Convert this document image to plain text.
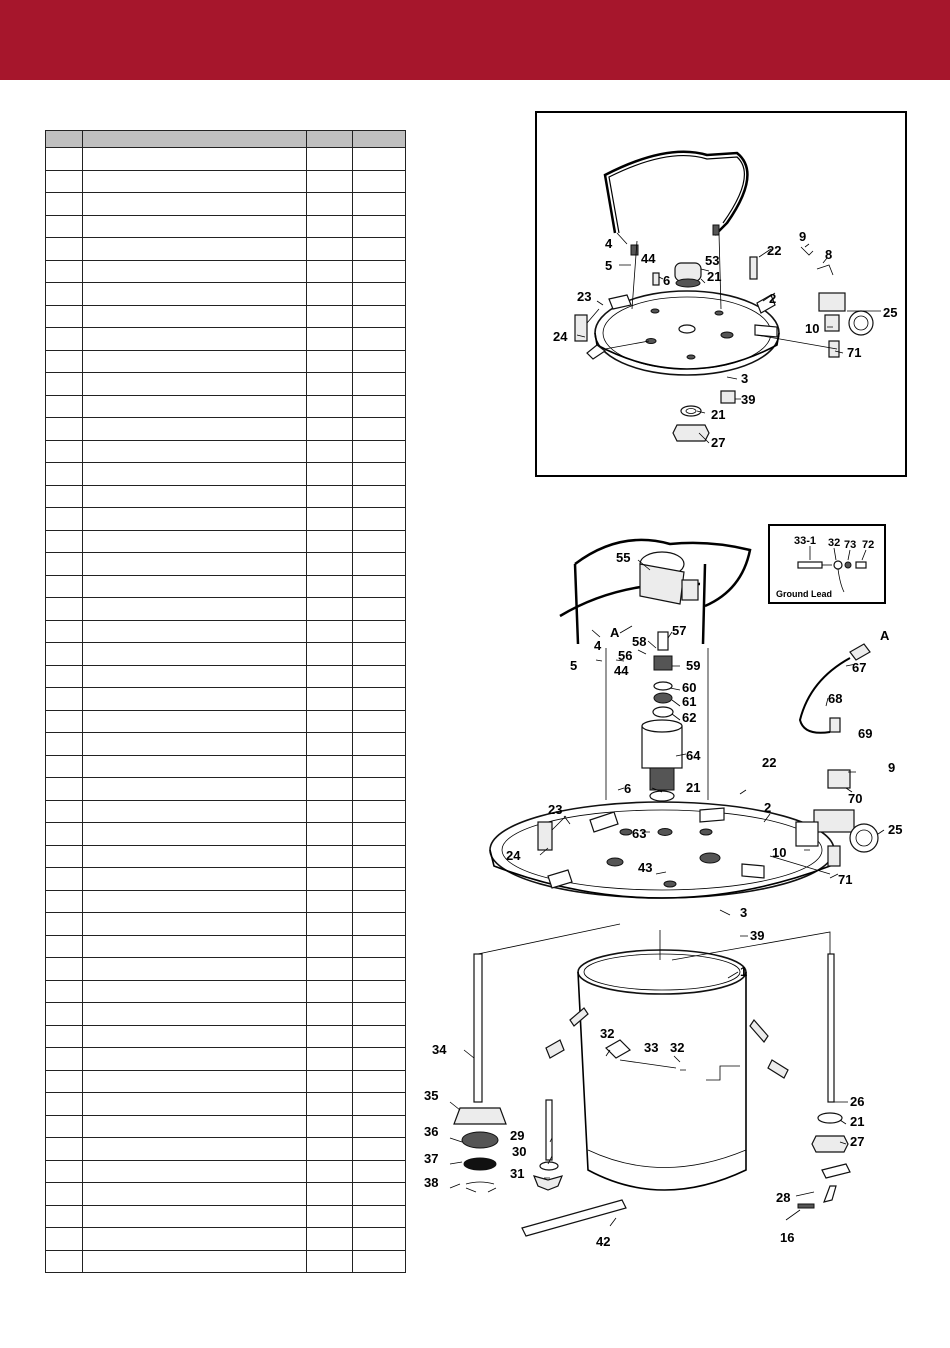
4
5 44
6
53
21
22
9
8
23
24
2
25
10
71
3
39
21
27
55
A
58
57
56
59
60
61
62
64
21
4
5	44
6
22
A
67
68
69
9
70
23
63
2
24
43
10
25
71
3
39
1
32
33 32
34
35
36
37
38
29
30
31
42
26
21
27
28
16
33-1 32 73 72
Ground Lead
